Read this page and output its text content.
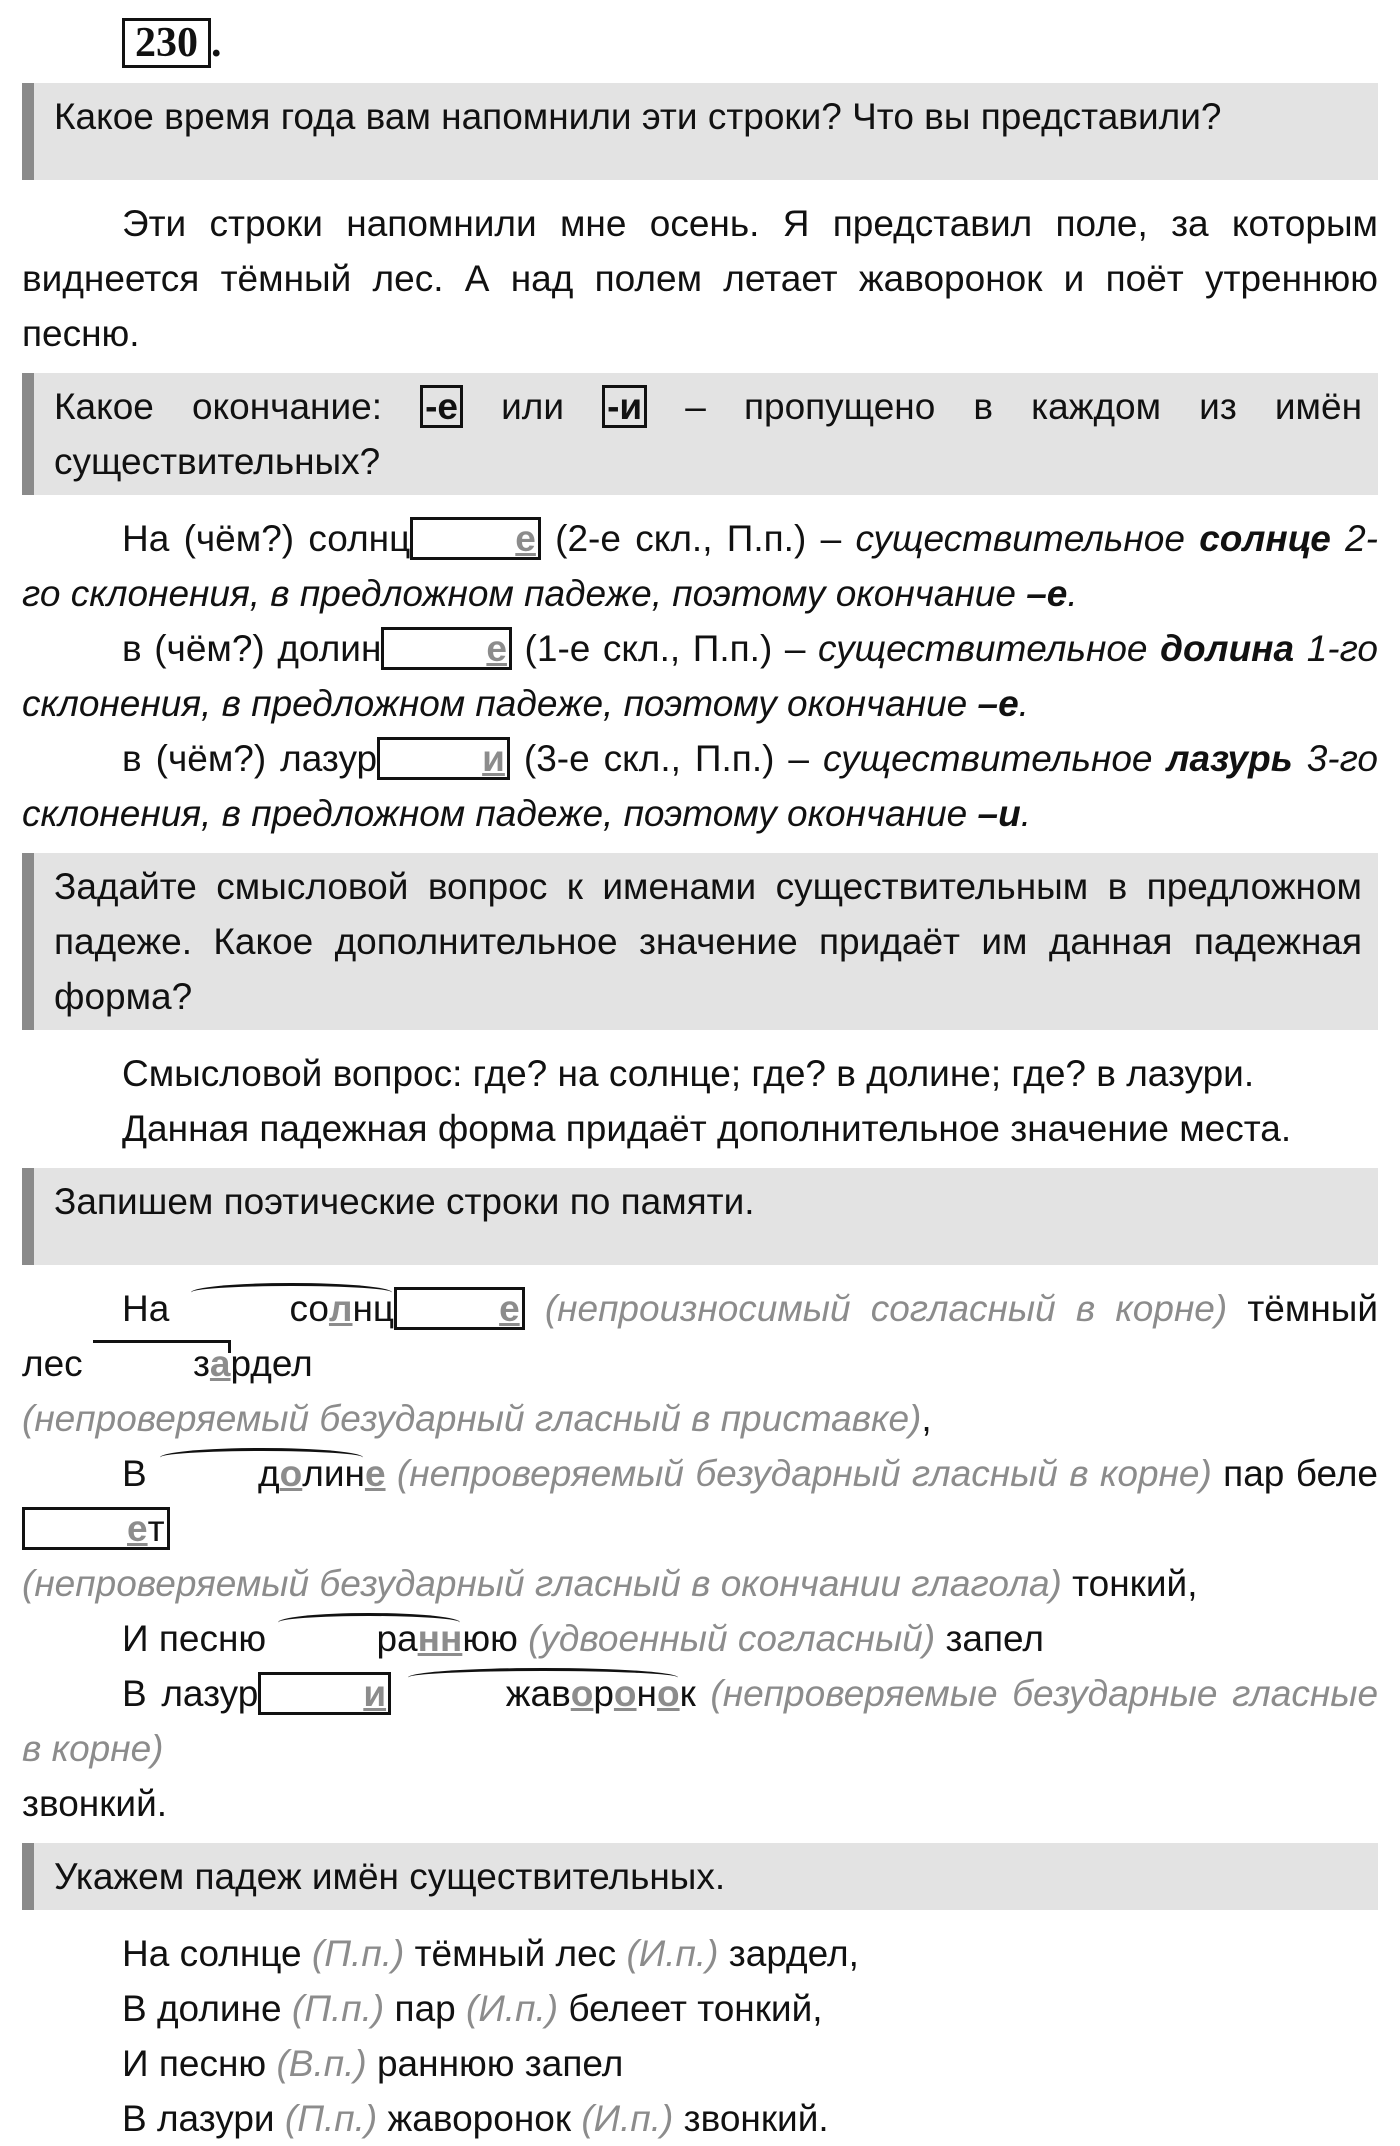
230 .
Какое время года вам напомнили эти строки? Что вы представили?

Эти строки напомнили мне осень. Я представил поле, за которым виднеется тёмный лес. А над полем летает жаворонок и поёт утреннюю песню.

Какое окончание: -е или -и – пропущено в каждом из имён существительных?

На (чём?) солнц	е (2-е скл., П.п.) – существительное солнце 2-го склонения, в предложном падеже, поэтому окончание –е.

в (чём?) долин	е (1-е скл., П.п.) – существительное долина 1-го склонения, в предложном падеже, поэтому окончание –е.

в (чём?) лазур	и (3-е скл., П.п.) – существительное лазурь 3-го склонения, в предложном падеже, поэтому окончание –и.

Задайте смысловой вопрос к именами существительным в предложном падеже. Какое дополнительное значение придаёт им данная падежная форма?

Смысловой вопрос: где? на солнце; где? в долине; где? в лазури.

Данная падежная форма придаёт дополнительное значение места.

Запишем поэтические строки по памяти.

На	солнц	е (непроизносимый согласный в корне) тёмный лес	зардел
(непроверяемый безударный гласный в приставке),

В	долине (непроверяемый безударный гласный в корне) пар белеет
(непроверяемый безударный гласный в окончании глагола) тонкий,

И песню	раннюю (удвоенный согласный) запел

В лазур	и	жаворонок (непроверяемые безударные гласные в корне)
звонкий.

Укажем падеж имён существительных.

На солнце (П.п.) тёмный лес (И.п.) зардел,

В долине (П.п.) пар (И.п.) белеет тонкий,

И песню (В.п.) раннюю запел

В лазури (П.п.) жаворонок (И.п.) звонкий.
